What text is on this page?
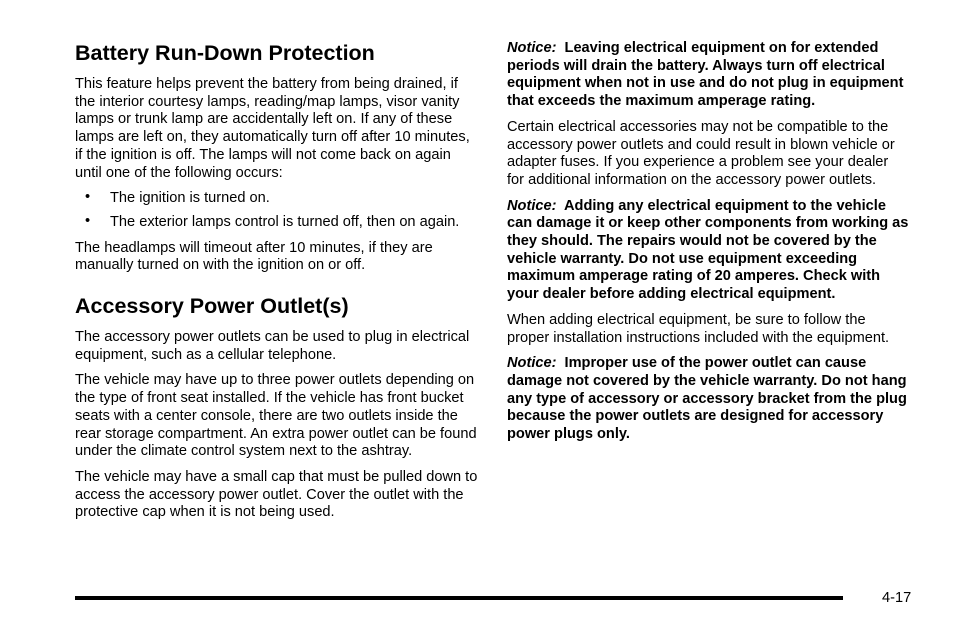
Battery Run-Down Protection

This feature helps prevent the battery from being drained, if the interior courtesy lamps, reading/map lamps, visor vanity lamps or trunk lamp are accidentally left on. If any of these lamps are left on, they automatically turn off after 10 minutes, if the ignition is off. The lamps will not come back on again until one of the following occurs:

• The ignition is turned on.
• The exterior lamps control is turned off, then on again.

The headlamps will timeout after 10 minutes, if they are manually turned on with the ignition on or off.

Accessory Power Outlet(s)

The accessory power outlets can be used to plug in electrical equipment, such as a cellular telephone.

The vehicle may have up to three power outlets depending on the type of front seat installed. If the vehicle has front bucket seats with a center console, there are two outlets inside the rear storage compartment. An extra power outlet can be found under the climate control system next to the ashtray.

The vehicle may have a small cap that must be pulled down to access the accessory power outlet. Cover the outlet with the protective cap when it is not being used.

Notice: Leaving electrical equipment on for extended periods will drain the battery. Always turn off electrical equipment when not in use and do not plug in equipment that exceeds the maximum amperage rating.

Certain electrical accessories may not be compatible to the accessory power outlets and could result in blown vehicle or adapter fuses. If you experience a problem see your dealer for additional information on the accessory power outlets.

Notice: Adding any electrical equipment to the vehicle can damage it or keep other components from working as they should. The repairs would not be covered by the vehicle warranty. Do not use equipment exceeding maximum amperage rating of 20 amperes. Check with your dealer before adding electrical equipment.

When adding electrical equipment, be sure to follow the proper installation instructions included with the equipment.

Notice: Improper use of the power outlet can cause damage not covered by the vehicle warranty. Do not hang any type of accessory or accessory bracket from the plug because the power outlets are designed for accessory power plugs only.

4-17
